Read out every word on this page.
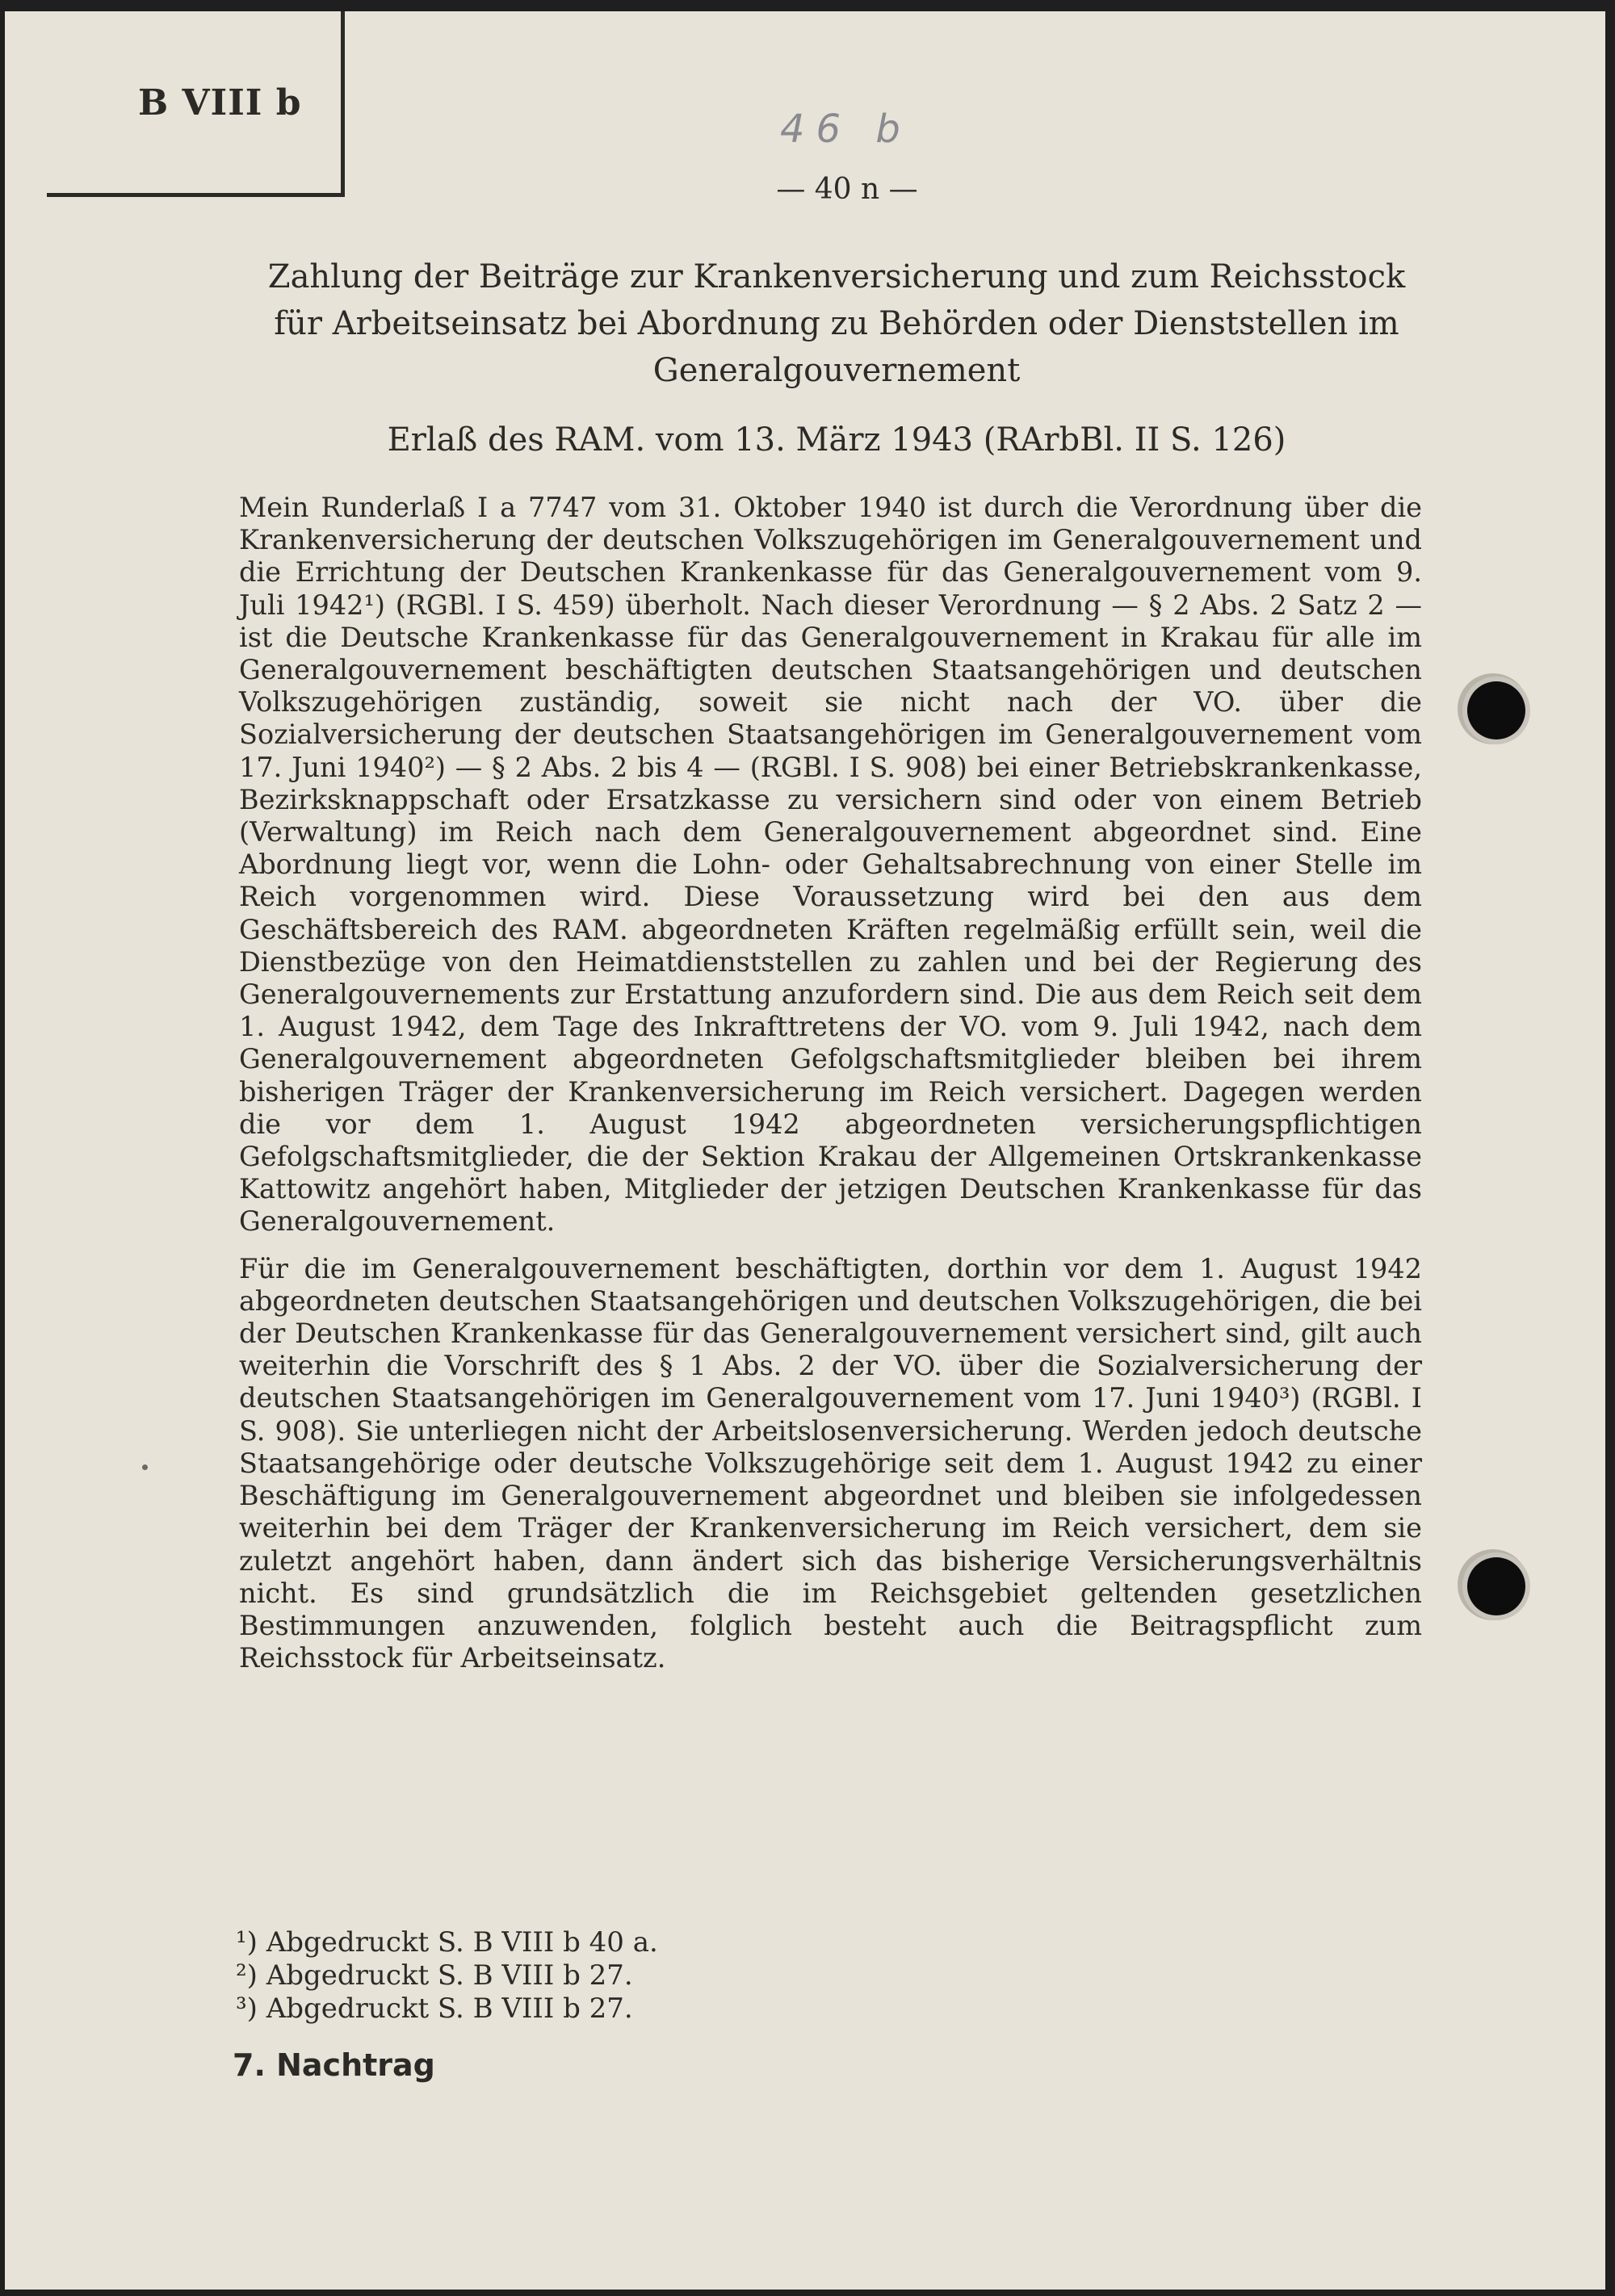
B VIII b
46 b
— 40 n —
Zahlung der Beiträge zur Krankenversicherung und zum Reichsstock für Arbeitseinsatz bei Abordnung zu Behörden oder Dienststellen im Generalgouvernement
Erlaß des RAM. vom 13. März 1943 (RArbBl. II S. 126)

Mein Runderlaß I a 7747 vom 31. Oktober 1940 ist durch die Verordnung über die Krankenversicherung der deutschen Volkszugehörigen im Generalgouvernement und die Errichtung der Deutschen Krankenkasse für das Generalgouvernement vom 9. Juli 1942¹) (RGBl. I S. 459) überholt. Nach dieser Verordnung — § 2 Abs. 2 Satz 2 — ist die Deutsche Krankenkasse für das Generalgouvernement in Krakau für alle im Generalgouvernement beschäftigten deutschen Staatsangehörigen und deutschen Volkszugehörigen zuständig, soweit sie nicht nach der VO. über die Sozialversicherung der deutschen Staatsangehörigen im Generalgouvernement vom 17. Juni 1940²) — § 2 Abs. 2 bis 4 — (RGBl. I S. 908) bei einer Betriebskrankenkasse, Bezirksknappschaft oder Ersatzkasse zu versichern sind oder von einem Betrieb (Verwaltung) im Reich nach dem Generalgouvernement abgeordnet sind. Eine Abordnung liegt vor, wenn die Lohn- oder Gehaltsabrechnung von einer Stelle im Reich vorgenommen wird. Diese Voraussetzung wird bei den aus dem Geschäftsbereich des RAM. abgeordneten Kräften regelmäßig erfüllt sein, weil die Dienstbezüge von den Heimatdienststellen zu zahlen und bei der Regierung des Generalgouvernements zur Erstattung anzufordern sind. Die aus dem Reich seit dem 1. August 1942, dem Tage des Inkrafttretens der VO. vom 9. Juli 1942, nach dem Generalgouvernement abgeordneten Gefolgschaftsmitglieder bleiben bei ihrem bisherigen Träger der Krankenversicherung im Reich versichert. Dagegen werden die vor dem 1. August 1942 abgeordneten versicherungspflichtigen Gefolgschaftsmitglieder, die der Sektion Krakau der Allgemeinen Ortskrankenkasse Kattowitz angehört haben, Mitglieder der jetzigen Deutschen Krankenkasse für das Generalgouvernement.

Für die im Generalgouvernement beschäftigten, dorthin vor dem 1. August 1942 abgeordneten deutschen Staatsangehörigen und deutschen Volkszugehörigen, die bei der Deutschen Krankenkasse für das Generalgouvernement versichert sind, gilt auch weiterhin die Vorschrift des § 1 Abs. 2 der VO. über die Sozialversicherung der deutschen Staatsangehörigen im Generalgouvernement vom 17. Juni 1940³) (RGBl. I S. 908). Sie unterliegen nicht der Arbeitslosenversicherung. Werden jedoch deutsche Staatsangehörige oder deutsche Volkszugehörige seit dem 1. August 1942 zu einer Beschäftigung im Generalgouvernement abgeordnet und bleiben sie infolgedessen weiterhin bei dem Träger der Krankenversicherung im Reich versichert, dem sie zuletzt angehört haben, dann ändert sich das bisherige Versicherungsverhältnis nicht. Es sind grundsätzlich die im Reichsgebiet geltenden gesetzlichen Bestimmungen anzuwenden, folglich besteht auch die Beitragspflicht zum Reichsstock für Arbeitseinsatz.

¹) Abgedruckt S. B VIII b 40 a.
²) Abgedruckt S. B VIII b 27.
³) Abgedruckt S. B VIII b 27.
7. Nachtrag
